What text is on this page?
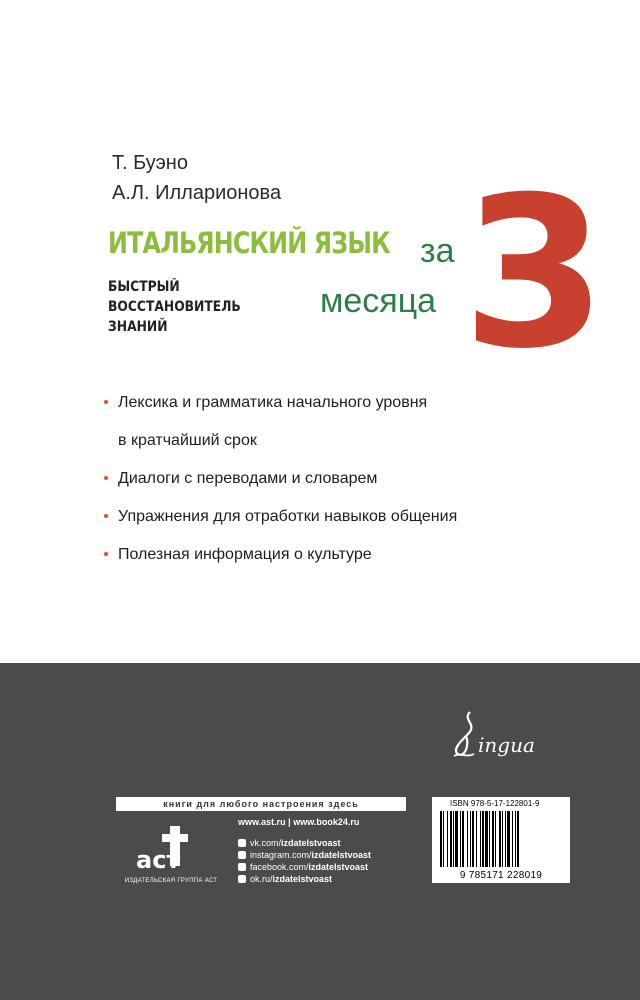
Т. Буэно
А.Л. Илларионова
ИТАЛЬЯНСКИЙ ЯЗЫК
БЫСТРЫЙ
ВОССТАНОВИТЕЛЬ
ЗНАНИЙ
за
месяца 3
Лексика и грамматика начального уровня
в кратчайший срок
Диалоги с переводами и словарем
Упражнения для отработки навыков общения
Полезная информация о культуре
ingua
книги для любого настроения здесь
аст
ИЗДАТЕЛЬСКАЯ ГРУППА АСТ
www.ast.ru | www.book24.ru
vk.com/ izdatelstvoast
instagram.com/ izdatelstvoast
facebook.com/ izdatelstvoast
ok.ru/ izdatelstvoast
ISBN 978-5-17-122801-9
9 785171 228019
